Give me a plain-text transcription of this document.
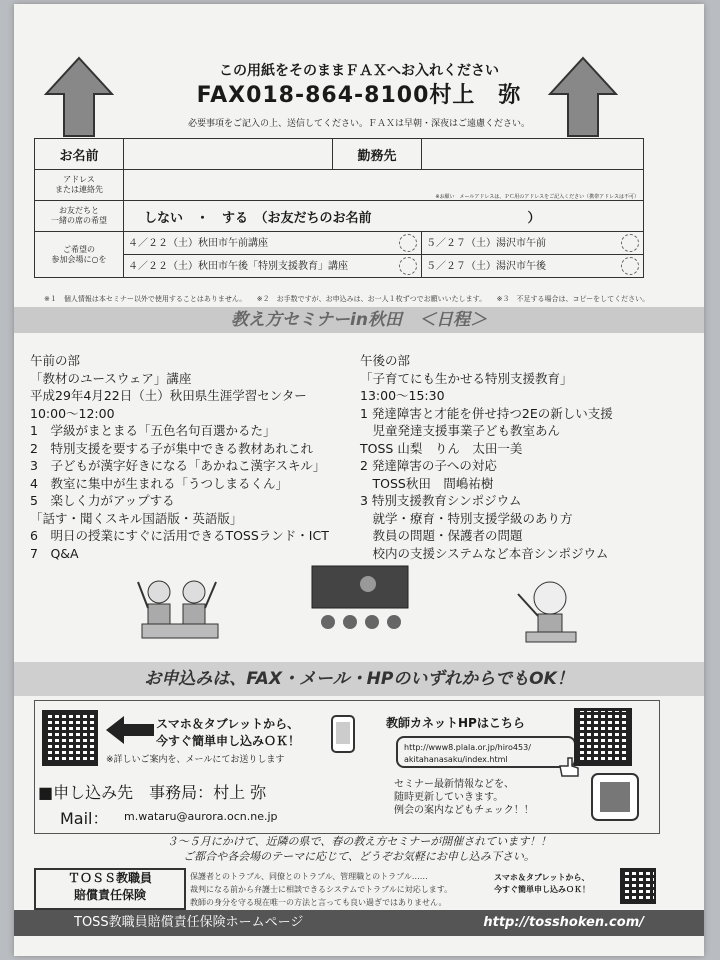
この用紙をそのままＦＡＸへお入れください
FAX018-864-8100村上　弥
必要事項をご記入の上、送信してください。ＦＡＸは早朝・深夜はご遠慮ください。
お名前		勤務先	
アドレス
または連絡先	※お願い　メールアドレスは、ＰＣ用のアドレスをご記入ください（携帯アドレスは不可）		
お友だちと
一緒の席の希望	しない　・　する　（お友だちのお名前　　　　　　　　　　　　）		
ご希望の
参加会場に○を	４／２２（土）秋田市午前講座		５／２７（土）湯沢市午前

	４／２２（土）秋田市午後「特別支援教育」講座		５／２７（土）湯沢市午後
※１　個人情報は本セミナー以外で使用することはありません。　　※２　お手数ですが、お申込みは、お一人１枚ずつでお願いいたします。　　※３　不足する場合は、コピーをしてください。
教え方セミナーin秋田　＜日程＞
午前の部
「教材のユースウェア」講座
平成29年4月22日（土）秋田県生涯学習センター
10:00～12:00
1　学級がまとまる「五色名句百選かるた」
2　特別支援を要する子が集中できる教材あれこれ
3　子どもが漢字好きになる「あかねこ漢字スキル」
4　教室に集中が生まれる「うつしまるくん」
5　楽しく力がアップする
「話す・聞くスキル国語版・英語版」
6　明日の授業にすぐに活用できるTOSSランド・ICT
7　Q&A
午後の部
「子育てにも生かせる特別支援教育」
13:00～15:30
1 発達障害と才能を併せ持つ2Eの新しい支援
　児童発達支援事業子ども教室あん
TOSS 山梨　りん　太田一美
2 発達障害の子への対応
　TOSS秋田　間嶋祐樹
3 特別支援教育シンポジウム
　就学・療育・特別支援学級のあり方
　教員の問題・保護者の問題
　校内の支援システムなど本音シンポジウム
お申込みは、FAX・メール・HPのいずれからでもOK！
スマホ＆タブレットから、
今すぐ簡単申し込みＯＫ！
※詳しいご案内を、メールにてお送りします
■申し込み先　事務局：村上 弥
Mail： m.wataru@aurora.ocn.ne.jp
教師カネットHPはこちら
http://www8.plala.or.jp/hiro453/
akitahanasaku/index.html
セミナー最新情報などを、
随時更新していきます。
例会の案内などもチェック！！
３～５月にかけて、近隣の県で、春の教え方セミナーが開催されています！！
ご都合や各会場のテーマに応じて、どうぞお気軽にお申し込み下さい。
ＴＯＳＳ教職員
賠償責任保険
保護者とのトラブル、同僚とのトラブル、管理職とのトラブル……
裁判になる前から弁護士に相談できるシステムでトラブルに対応します。
教師の身分を守る現在唯一の方法と言っても良い過ぎではありません。
スマホ＆タブレットから、
今すぐ簡単申し込みＯＫ！
TOSS教職員賠償責任保険ホームページ	http://tosshoken.com/
